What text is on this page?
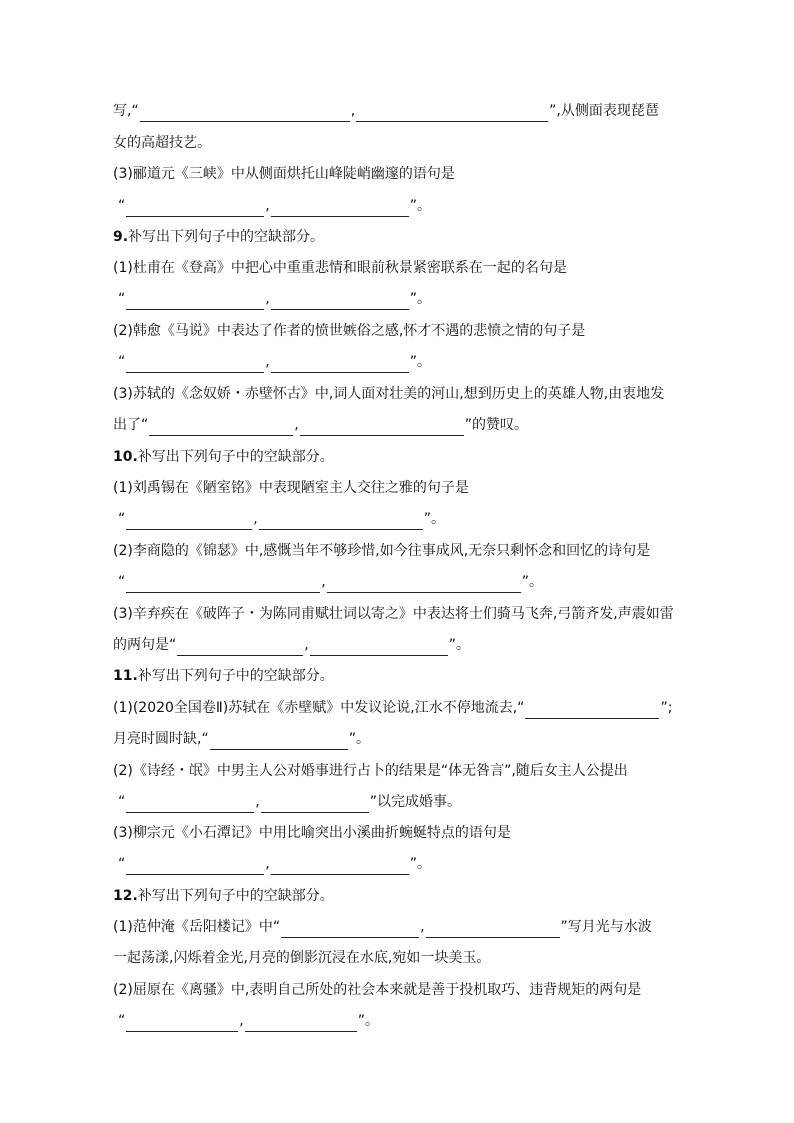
写,“	,	”,从侧面表现琵琶
女的高超技艺。
(3)郦道元《三峡》中从侧面烘托山峰陡峭幽邃的语句是
“	,	”。
9.补写出下列句子中的空缺部分。
(1)杜甫在《登高》中把心中重重悲情和眼前秋景紧密联系在一起的名句是
“	,	”。
(2)韩愈《马说》中表达了作者的愤世嫉俗之感,怀才不遇的悲愤之情的句子是
“	,	”。
(3)苏轼的《念奴娇・赤壁怀古》中,词人面对壮美的河山,想到历史上的英雄人物,由衷地发
出了“	,	”的赞叹。
10.补写出下列句子中的空缺部分。
(1)刘禹锡在《陋室铭》中表现陋室主人交往之雅的句子是
“	,	”。
(2)李商隐的《锦瑟》中,感慨当年不够珍惜,如今往事成风,无奈只剩怀念和回忆的诗句是
“	,	”。
(3)辛弃疾在《破阵子・为陈同甫赋壮词以寄之》中表达将士们骑马飞奔,弓箭齐发,声震如雷
的两句是“	,	”。
11.补写出下列句子中的空缺部分。
(1)(2020全国卷Ⅱ)苏轼在《赤壁赋》中发议论说,江水不停地流去,“	”;
月亮时圆时缺,“	”。
(2)《诗经・氓》中男主人公对婚事进行占卜的结果是“体无咎言”,随后女主人公提出
“	,	”以完成婚事。
(3)柳宗元《小石潭记》中用比喻突出小溪曲折蜿蜒特点的语句是
“	,	”。
12.补写出下列句子中的空缺部分。
(1)范仲淹《岳阳楼记》中“	,	”写月光与水波
一起荡漾,闪烁着金光,月亮的倒影沉浸在水底,宛如一块美玉。
(2)屈原在《离骚》中,表明自己所处的社会本来就是善于投机取巧、违背规矩的两句是
“	,	”。
